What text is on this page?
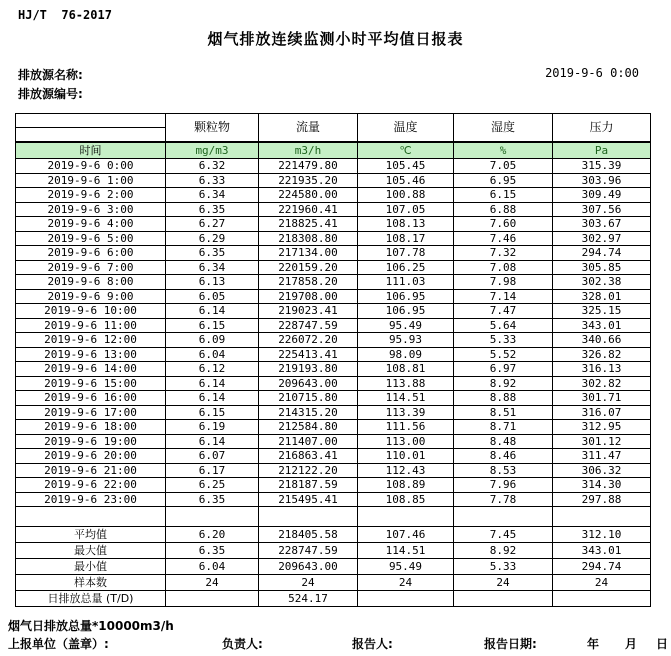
HJ/T  76-2017
烟气排放连续监测小时平均值日报表
排放源名称:
排放源编号:
2019-9-6 0:00
	颗粒物	流量	温度	湿度	压力

时间	mg/m3	m3/h	℃	%	Pa
2019-9-6 0:00	6.32	221479.80	105.45	7.05	315.39
2019-9-6 1:00	6.33	221935.20	105.46	6.95	303.96
2019-9-6 2:00	6.34	224580.00	100.88	6.15	309.49
2019-9-6 3:00	6.35	221960.41	107.05	6.88	307.56
2019-9-6 4:00	6.27	218825.41	108.13	7.60	303.67
2019-9-6 5:00	6.29	218308.80	108.17	7.46	302.97
2019-9-6 6:00	6.35	217134.00	107.78	7.32	294.74
2019-9-6 7:00	6.34	220159.20	106.25	7.08	305.85
2019-9-6 8:00	6.13	217858.20	111.03	7.98	302.38
2019-9-6 9:00	6.05	219708.00	106.95	7.14	328.01
2019-9-6 10:00	6.14	219023.41	106.95	7.47	325.15
2019-9-6 11:00	6.15	228747.59	95.49	5.64	343.01
2019-9-6 12:00	6.09	226072.20	95.93	5.33	340.66
2019-9-6 13:00	6.04	225413.41	98.09	5.52	326.82
2019-9-6 14:00	6.12	219193.80	108.81	6.97	316.13
2019-9-6 15:00	6.14	209643.00	113.88	8.92	302.82
2019-9-6 16:00	6.14	210715.80	114.51	8.88	301.71
2019-9-6 17:00	6.15	214315.20	113.39	8.51	316.07
2019-9-6 18:00	6.19	212584.80	111.56	8.71	312.95
2019-9-6 19:00	6.14	211407.00	113.00	8.48	301.12
2019-9-6 20:00	6.07	216863.41	110.01	8.46	311.47
2019-9-6 21:00	6.17	212122.20	112.43	8.53	306.32
2019-9-6 22:00	6.25	218187.59	108.89	7.96	314.30
2019-9-6 23:00	6.35	215495.41	108.85	7.78	297.88

平均值	6.20	218405.58	107.46	7.45	312.10
最大值	6.35	228747.59	114.51	8.92	343.01
最小值	6.04	209643.00	95.49	5.33	294.74
样本数	24	24	24	24	24
日排放总量 (T/D)		524.17			
烟气日排放总量*10000m3/h
上报单位（盖章）:	负责人:	报告人:	报告日期:	年 月 日
